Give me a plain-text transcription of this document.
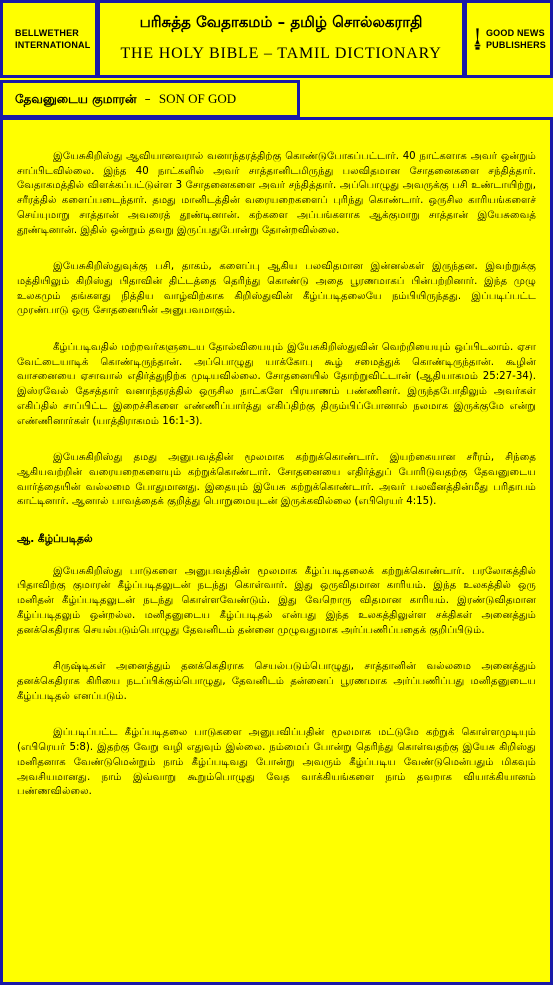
BELLWETHER
INTERNATIONAL
பரிசுத்த வேதாகமம் – தமிழ் சொல்லகராதி
THE HOLY BIBLE – TAMIL DICTIONARY
GOOD NEWS
PUBLISHERS
தேவனுடைய குமாரன் – SON OF GOD

இயேசுகிறிஸ்து ஆவியானவரால் வனாந்தரத்திற்கு கொண்டுபோகப்பட்டார். 40 நாட்களாக அவர் ஒன்றும் சாப்பிடவில்லை. இந்த 40 நாட்களில் அவர் சாத்தானிடமிருந்து பலவிதமான சோதனைகளை சந்தித்தார். வேதாகமத்தில் விளக்கப்பட்டுள்ள 3 சோதனைகளை அவர் சந்தித்தார். அப்பொழுது அவருக்கு பசி உண்டாயிற்று, சரீரத்தில் களைப்படைந்தார். தமது மானிடத்தின் வரையறைகளைப் புரிந்து கொண்டார். ஒருசில காரியங்களைச் செய்யுமாறு சாத்தான் அவரைத் தூண்டினான். கற்களை அப்பங்களாக ஆக்குமாறு சாத்தான் இயேசுவைத் தூண்டினான். இதில் ஒன்றும் தவறு இருப்பதுபோன்று தோன்றவில்லை.

இயேசுகிறிஸ்துவுக்கு பசி, தாகம், களைப்பு ஆகிய பலவிதமான இன்னல்கள் இருந்தன. இவற்றுக்கு மத்தியிலும் கிறிஸ்து பிதாவின் திட்டத்தை தெரிந்து கொண்டு அதை பூரணமாகப் பின்பற்றினார். இந்த முழு உலகமும் தங்களது நித்திய வாழ்விற்காக கிறிஸ்துவின் கீழ்ப்படிதலையே நம்பியிருந்தது. இப்படிப்பட்ட முரண்பாடு ஒரு சோதனையின் அனுபவமாகும்.

கீழ்ப்படிவதில் மற்றவர்களுடைய தோல்வியையும் இயேசுகிறிஸ்துவின் வெற்றியையும் ஒப்பிடலாம். ஏசா வேட்டையாடிக் கொண்டிருந்தான். அப்பொழுது யாக்கோபு கூழ் சமைத்துக் கொண்டிருந்தான். கூழின் வாசனையை ஏசாவால் எதிர்த்துநிற்க முடியவில்லை. சோதனையில் தோற்றுவிட்டான் (ஆதியாகமம் 25:27-34). இஸ்ரவேல் தேசத்தார் வனாந்தரத்தில் ஒருசில நாட்களே பிரயாணம் பண்ணினர். இருந்தபோதிலும் அவர்கள் எகிப்தில் சாப்பிட்ட இறைச்சிகளை எண்ணிப்பார்த்து எகிப்திற்கு திரும்பிப்போனால் நலமாக இருக்குமே என்று எண்ணினார்கள் (யாத்திராகமம் 16:1-3).

இயேசுகிறிஸ்து தமது அனுபவத்தின் மூலமாக கற்றுக்கொண்டார். இயற்கையான சரீரம், சிந்தை ஆகியவற்றின் வரையறைகளையும் கற்றுக்கொண்டார். சோதனையை எதிர்த்துப் போரிடுவதற்கு தேவனுடைய வார்த்தையின் வல்லமை போதுமானது. இதையும் இயேசு கற்றுக்கொண்டார். அவர் பலவீனத்தின்மீது பரிதாபம் காட்டினார். ஆனால் பாவத்தைக் குறித்து பொறுமையுடன் இருக்கவில்லை (எபிரெயர் 4:15).

ஆ. கீழ்ப்படிதல்

இயேசுகிறிஸ்து பாடுகளை அனுபவத்தின் மூலமாக கீழ்ப்படிதலைக் கற்றுக்கொண்டார். பரலோகத்தில் பிதாவிற்கு குமாரன் கீழ்ப்படிதலுடன் நடந்து கொள்வார். இது ஒருவிதமான காரியம். இந்த உலகத்தில் ஒரு மனிதன் கீழ்ப்படிதலுடன் நடந்து கொள்ளவேண்டும். இது வேறொரு விதமான காரியம். இரண்டுவிதமான கீழ்ப்படிதலும் ஒன்றல்ல. மனிதனுடைய கீழ்ப்படிதல் என்பது இந்த உலகத்திலுள்ள சக்திகள் அனைத்தும் தனக்கெதிராக செயல்படும்பொழுது தேவனிடம் தன்னை முழுவதுமாக அர்ப்பணிப்பதைக் குறிப்பிடும்.

சிருஷ்டிகள் அனைத்தும் தனக்கெதிராக செயல்படும்பொழுது, சாத்தானின் வல்லமை அனைத்தும் தனக்கெதிராக கிரியை நடப்பிக்கும்பொழுது, தேவனிடம் தன்னைப் பூரணமாக அர்ப்பணிப்பது மனிதனுடைய கீழ்ப்படிதல் எனப்படும்.

இப்படிப்பட்ட கீழ்ப்படிதலை பாடுகளை அனுபவிப்பதின் மூலமாக மட்டுமே கற்றுக் கொள்ளமுடியும் (எபிரெயர் 5:8). இதற்கு வேறு வழி எதுவும் இல்லை. நம்மைப் போன்று தெரிந்து கொள்வதற்கு இயேசு கிறிஸ்து மனிதனாக வேண்டுமென்றும் நாம் கீழ்ப்படிவது போன்று அவரும் கீழ்ப்படிய வேண்டுமென்பதும் மிகவும் அவசியமானது. நாம் இவ்வாறு கூறும்பொழுது வேத வாக்கியங்களை நாம் தவறாக வியாக்கியானம் பண்ணவில்லை.
